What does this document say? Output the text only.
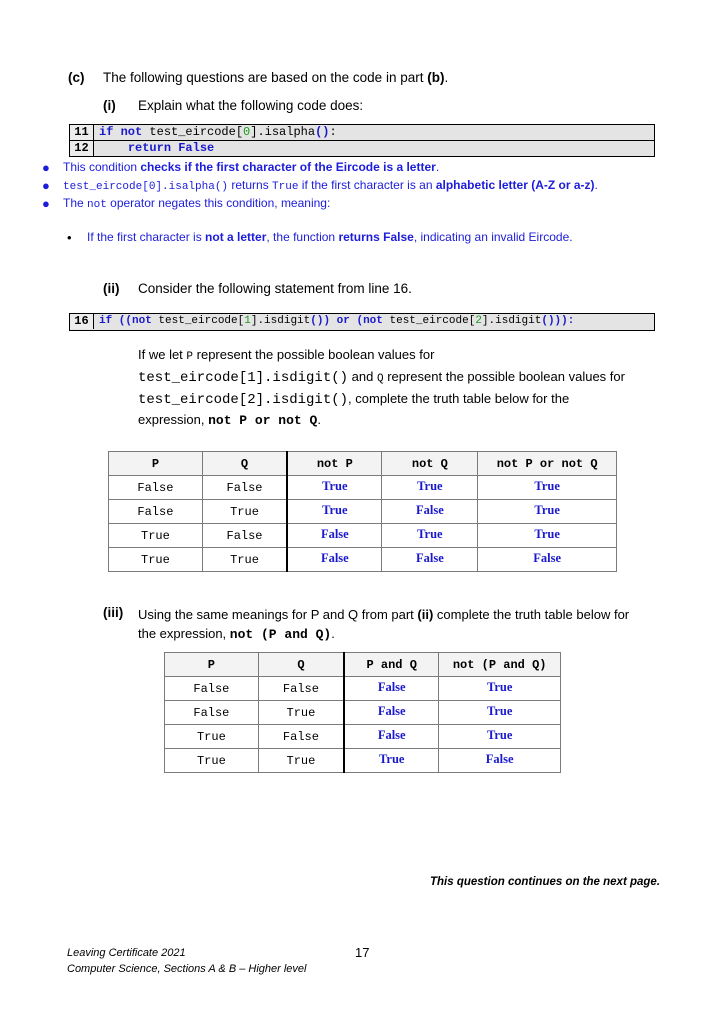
(c) The following questions are based on the code in part (b).
(i) Explain what the following code does:
11 if not test_eircode[0].isalpha():
12	return False
● This condition checks if the first character of the Eircode is a letter.
● test_eircode[0].isalpha() returns True if the first character is an alphabetic letter (A-Z or a-z).
● The not operator negates this condition, meaning:
• If the first character is not a letter, the function returns False, indicating an invalid Eircode.
(ii) Consider the following statement from line 16.
16 if ((not test_eircode[1].isdigit()) or (not test_eircode[2].isdigit())):
If we let P represent the possible boolean values for
test_eircode[1].isdigit() and Q represent the possible boolean values for
test_eircode[2].isdigit(), complete the truth table below for the
expression, not P or not Q.
P	Q	not P	not Q	not P or not Q
False	False	True	True	True
False	True	True	False	True
True	False	False	True	True
True	True	False	False	False
(iii) Using the same meanings for P and Q from part (ii) complete the truth table below for
the expression, not (P and Q).
P	Q	P and Q	not (P and Q)
False	False	False	True
False	True	False	True
True	False	False	True
True	True	True	False
This question continues on the next page.
Leaving Certificate 2021
Computer Science, Sections A & B – Higher level
17
